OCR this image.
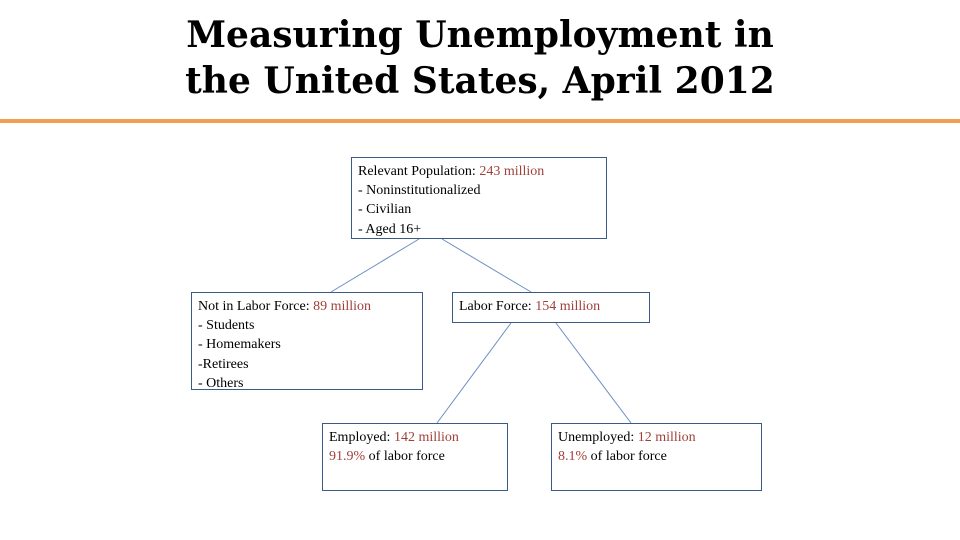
Measuring Unemployment in
the United States, April 2012
Relevant Population: 243 million
- Noninstitutionalized
- Civilian
- Aged 16+
Not in Labor Force: 89 million
- Students
- Homemakers
-Retirees
- Others
Labor Force: 154 million
Employed: 142 million
91.9% of labor force
Unemployed: 12 million
8.1% of labor force
